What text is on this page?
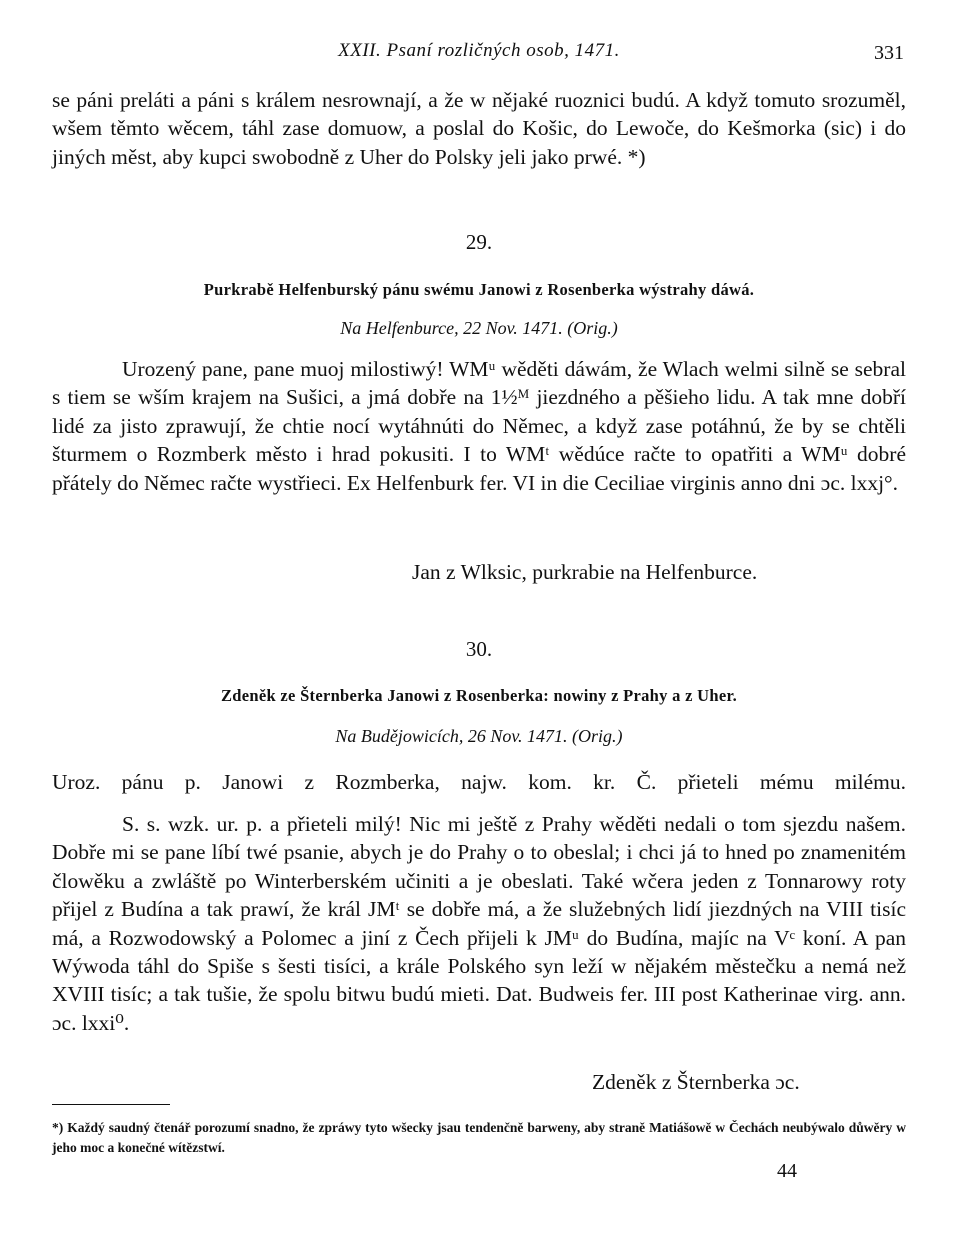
XXII. Psaní rozličných osob, 1471.	331
se páni preláti a páni s králem nesrownají, a že w nějaké ruoznici budú. A když tomuto srozuměl, wšem těmto wěcem, táhl zase domuow, a poslal do Košic, do Lewoče, do Kešmorka (sic) i do jiných měst, aby kupci swobodně z Uher do Polsky jeli jako prwé. *)
29.
Purkrabě Helfenburský pánu swému Janowi z Rosenberka wýstrahy dáwá.
Na Helfenburce, 22 Nov. 1471. (Orig.)
Urozený pane, pane muoj milostiwý! WMᵘ wěděti dáwám, že Wlach welmi silně se sebral s tiem se wším krajem na Sušici, a jmá dobře na 1½ᴹ jiezdného a pěšieho lidu. A tak mne dobří lidé za jisto zprawují, že chtie nocí wytáhnúti do Němec, a když zase potáhnú, že by se chtěli šturmem o Rozmberk město i hrad pokusiti. I to WMᵗ wědúce račte to opatřiti a WMᵘ dobré přátely do Němec račte wystřieci. Ex Helfenburk fer. VI in die Ceciliae virginis anno dni ɔc. lxxj°.
Jan z Wlksic, purkrabie na Helfenburce.
30.
Zdeněk ze Šternberka Janowi z Rosenberka: nowiny z Prahy a z Uher.
Na Budějowicích, 26 Nov. 1471. (Orig.)
Uroz. pánu p. Janowi z Rozmberka, najw. kom. kr. Č. přieteli mému milému.
S. s. wzk. ur. p. a přieteli milý! Nic mi ještě z Prahy wěděti nedali o tom sjezdu našem. Dobře mi se pane líbí twé psanie, abych je do Prahy o to obeslal; i chci já to hned po znamenitém člowěku a zwláště po Winterberském učiniti a je obeslati. Také wčera jeden z Tonnarowy roty přijel z Budína a tak prawí, že král JMᵗ se dobře má, a že služebných lidí jiezdných na VIII tisíc má, a Rozwodowský a Polomec a jiní z Čech přijeli k JMᵘ do Budína, majíc na Vᶜ koní. A pan Wýwoda táhl do Spiše s šesti tisíci, a krále Polského syn leží w nějakém městečku a nemá než XVIII tisíc; a tak tušie, že spolu bitwu budú mieti. Dat. Budweis fer. III post Katherinae virg. ann. ɔc. lxxi⁰.
Zdeněk z Šternberka ɔc.
*) Každý saudný čtenář porozumí snadno, že zpráwy tyto wšecky jsau tendenčně barweny, aby straně Matiášowě w Čechách neubýwalo důwěry w jeho moc a konečné wítězstwí.
44
